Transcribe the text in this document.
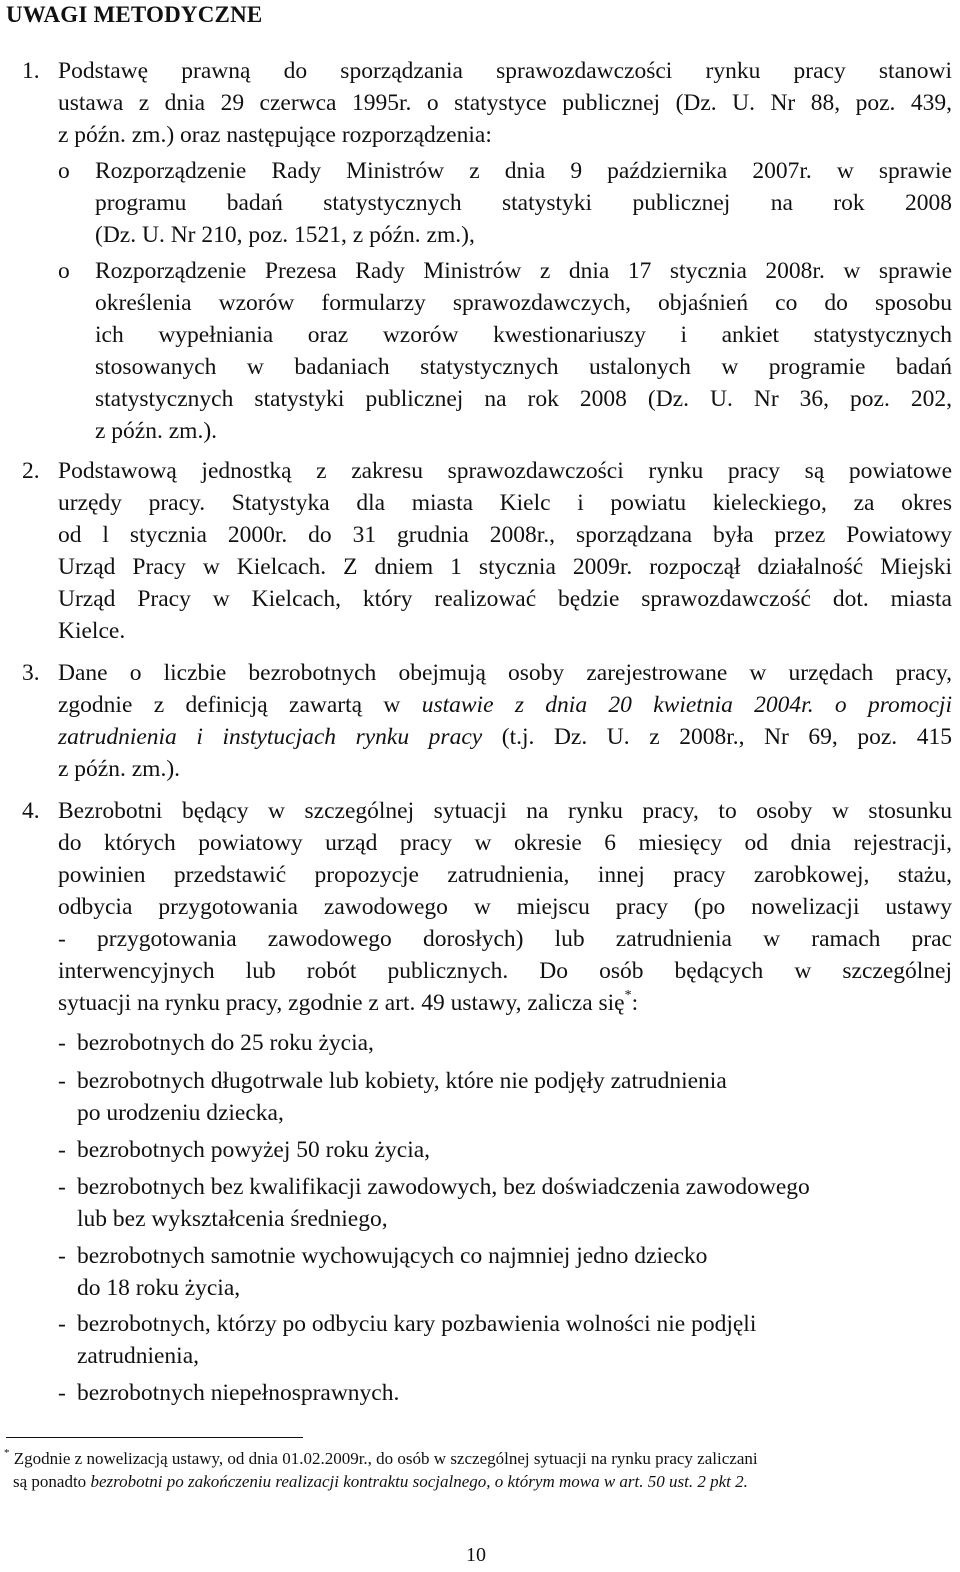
UWAGI METODYCZNE
1. Podstawę prawną do sporządzania sprawozdawczości rynku pracy stanowi
ustawa z dnia 29 czerwca 1995r. o statystyce publicznej (Dz. U. Nr 88, poz. 439,
z późn. zm.) oraz następujące rozporządzenia:
o Rozporządzenie Rady Ministrów z dnia 9 października 2007r. w sprawie
programu badań statystycznych statystyki publicznej na rok 2008
(Dz. U. Nr 210, poz. 1521, z późn. zm.),
o Rozporządzenie Prezesa Rady Ministrów z dnia 17 stycznia 2008r. w sprawie
określenia wzorów formularzy sprawozdawczych, objaśnień co do sposobu
ich wypełniania oraz wzorów kwestionariuszy i ankiet statystycznych
stosowanych w badaniach statystycznych ustalonych w programie badań
statystycznych statystyki publicznej na rok 2008 (Dz. U. Nr 36, poz. 202,
z późn. zm.).
2. Podstawową jednostką z zakresu sprawozdawczości rynku pracy są powiatowe
urzędy pracy. Statystyka dla miasta Kielc i powiatu kieleckiego, za okres
od l stycznia 2000r. do 31 grudnia 2008r., sporządzana była przez Powiatowy
Urząd Pracy w Kielcach. Z dniem 1 stycznia 2009r. rozpoczął działalność Miejski
Urząd Pracy w Kielcach, który realizować będzie sprawozdawczość dot. miasta
Kielce.
3. Dane o liczbie bezrobotnych obejmują osoby zarejestrowane w urzędach pracy,
zgodnie z definicją zawartą w ustawie z dnia 20 kwietnia 2004r. o promocji
zatrudnienia i instytucjach rynku pracy (t.j. Dz. U. z 2008r., Nr 69, poz. 415
z późn. zm.).
4. Bezrobotni będący w szczególnej sytuacji na rynku pracy, to osoby w stosunku
do których powiatowy urząd pracy w okresie 6 miesięcy od dnia rejestracji,
powinien przedstawić propozycje zatrudnienia, innej pracy zarobkowej, stażu,
odbycia przygotowania zawodowego w miejscu pracy (po nowelizacji ustawy
- przygotowania zawodowego dorosłych) lub zatrudnienia w ramach prac
interwencyjnych lub robót publicznych. Do osób będących w szczególnej
sytuacji na rynku pracy, zgodnie z art. 49 ustawy, zalicza się*:
- bezrobotnych do 25 roku życia,
- bezrobotnych długotrwale lub kobiety, które nie podjęły zatrudnienia
po urodzeniu dziecka,
- bezrobotnych powyżej 50 roku życia,
- bezrobotnych bez kwalifikacji zawodowych, bez doświadczenia zawodowego
lub bez wykształcenia średniego,
- bezrobotnych samotnie wychowujących co najmniej jedno dziecko
do 18 roku życia,
- bezrobotnych, którzy po odbyciu kary pozbawienia wolności nie podjęli
zatrudnienia,
- bezrobotnych niepełnosprawnych.
* Zgodnie z nowelizacją ustawy, od dnia 01.02.2009r., do osób w szczególnej sytuacji na rynku pracy zaliczani
są ponadto bezrobotni po zakończeniu realizacji kontraktu socjalnego, o którym mowa w art. 50 ust. 2 pkt 2.
10
